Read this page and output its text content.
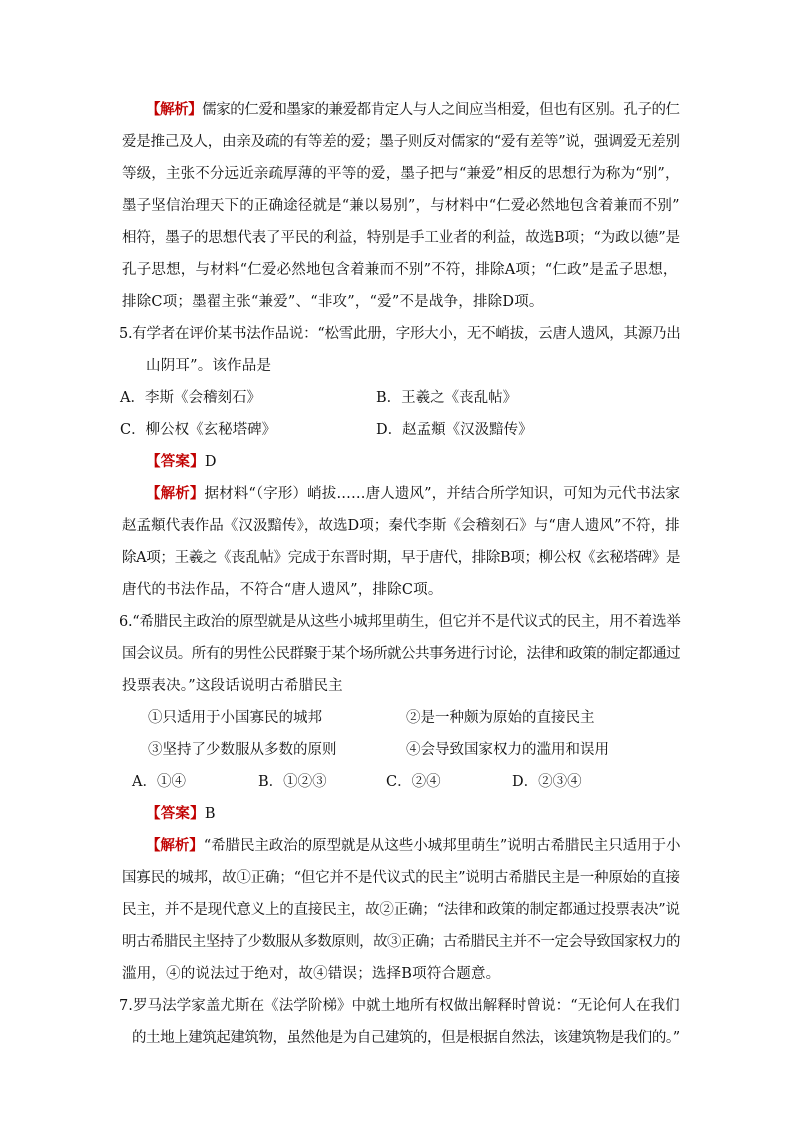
【解析】儒家的仁爱和墨家的兼爱都肯定人与人之间应当相爱，但也有区别。孔子的仁
爱是推己及人，由亲及疏的有等差的爱；墨子则反对儒家的“爱有差等”说，强调爱无差别
等级，主张不分远近亲疏厚薄的平等的爱，墨子把与“兼爱”相反的思想行为称为“别”，
墨子坚信治理天下的正确途径就是“兼以易别”，与材料中“仁爱必然地包含着兼而不别”
相符，墨子的思想代表了平民的利益，特别是手工业者的利益，故选B项；“为政以德”是
孔子思想，与材料“仁爱必然地包含着兼而不别”不符，排除A项；“仁政”是孟子思想，
排除C项；墨翟主张“兼爱”、“非攻”，“爱”不是战争，排除D项。
5.有学者在评价某书法作品说：“松雪此册，字形大小，无不峭拔，云唐人遗风，其源乃出
山阴耳”。该作品是
A．李斯《会稽刻石》	B．王羲之《丧乱帖》
C．柳公权《玄秘塔碑》	D．赵孟頫《汉汲黯传》
【答案】D
【解析】据材料“（字形）峭拔……唐人遗风”，并结合所学知识，可知为元代书法家
赵孟頫代表作品《汉汲黯传》，故选D项；秦代李斯《会稽刻石》与“唐人遗风”不符，排
除A项；王羲之《丧乱帖》完成于东晋时期，早于唐代，排除B项；柳公权《玄秘塔碑》是
唐代的书法作品，不符合“唐人遗风”，排除C项。
6.“希腊民主政治的原型就是从这些小城邦里萌生，但它并不是代议式的民主，用不着选举
国会议员。所有的男性公民群聚于某个场所就公共事务进行讨论，法律和政策的制定都通过
投票表决。”这段话说明古希腊民主
①只适用于小国寡民的城邦	②是一种颇为原始的直接民主
③坚持了少数服从多数的原则	④会导致国家权力的滥用和误用
A．①④	B．①②③	C．②④	D．②③④
【答案】B
【解析】“希腊民主政治的原型就是从这些小城邦里萌生”说明古希腊民主只适用于小
国寡民的城邦，故①正确；“但它并不是代议式的民主”说明古希腊民主是一种原始的直接
民主，并不是现代意义上的直接民主，故②正确；“法律和政策的制定都通过投票表决”说
明古希腊民主坚持了少数服从多数原则，故③正确；古希腊民主并不一定会导致国家权力的
滥用，④的说法过于绝对，故④错误；选择B项符合题意。
7.罗马法学家盖尤斯在《法学阶梯》中就土地所有权做出解释时曾说：“无论何人在我们
的土地上建筑起建筑物，虽然他是为自己建筑的，但是根据自然法，该建筑物是我们的。”
